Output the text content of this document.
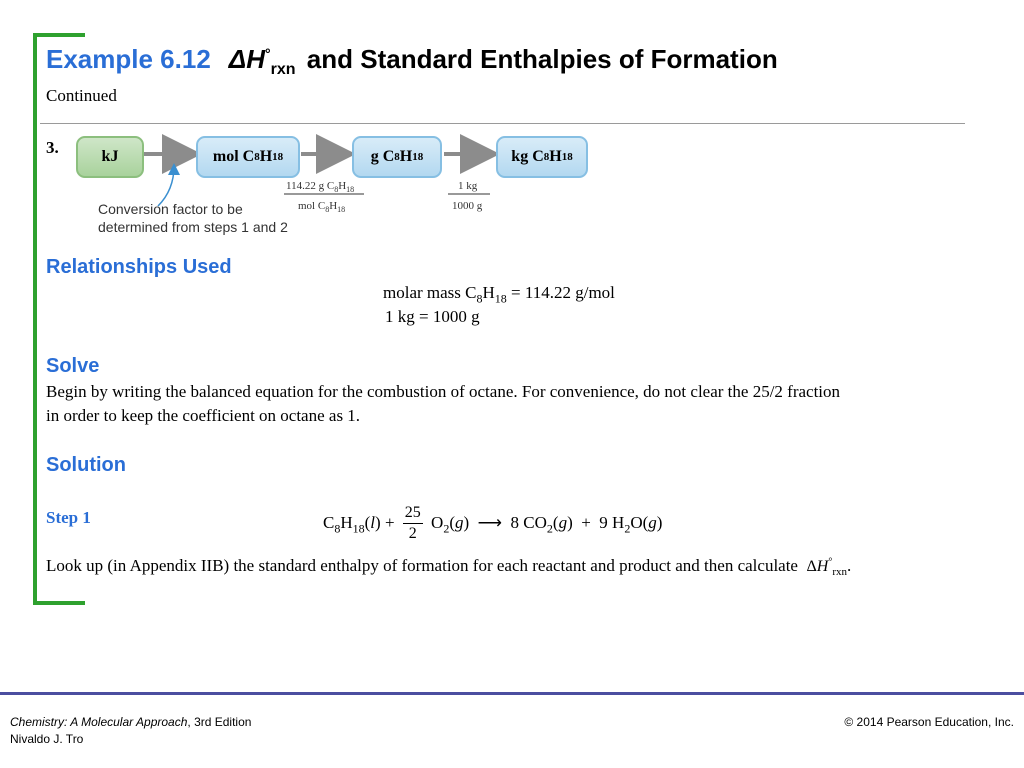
Example 6.12 $\Delta H^\circ_{rxn}$ and Standard Enthalpies of Formation
Continued
3.	kJ	mol C 8 H 18	g C 8 H 18	kg C 8 H 18
114.22 g $C_8H_{18}$
mol $C_8H_{18}$
1 kg
1000 g
Conversion factor to be
determined from steps 1 and 2
Relationships Used
molar mass $C_8H_{18} = 114.22$ g/mol
1 kg = 1000 g
Solve
Begin by writing the balanced equation for the combustion of octane. For convenience, do not clear the 25/2 fraction
in order to keep the coefficient on octane as 1.
Solution
Step 1	$C_8H_{18}(l) + \frac{25}{2} O_2(g)$  ⟶  8 $CO_2(g) + 9$ $H_2O(g)$
Look up (in Appendix IIB) the standard enthalpy of formation for each reactant and product and then calculate $\Delta H^\circ_{rxn}$.
Chemistry: A Molecular Approach, 3rd Edition
Nivaldo J. Tro
© 2014 Pearson Education, Inc.
